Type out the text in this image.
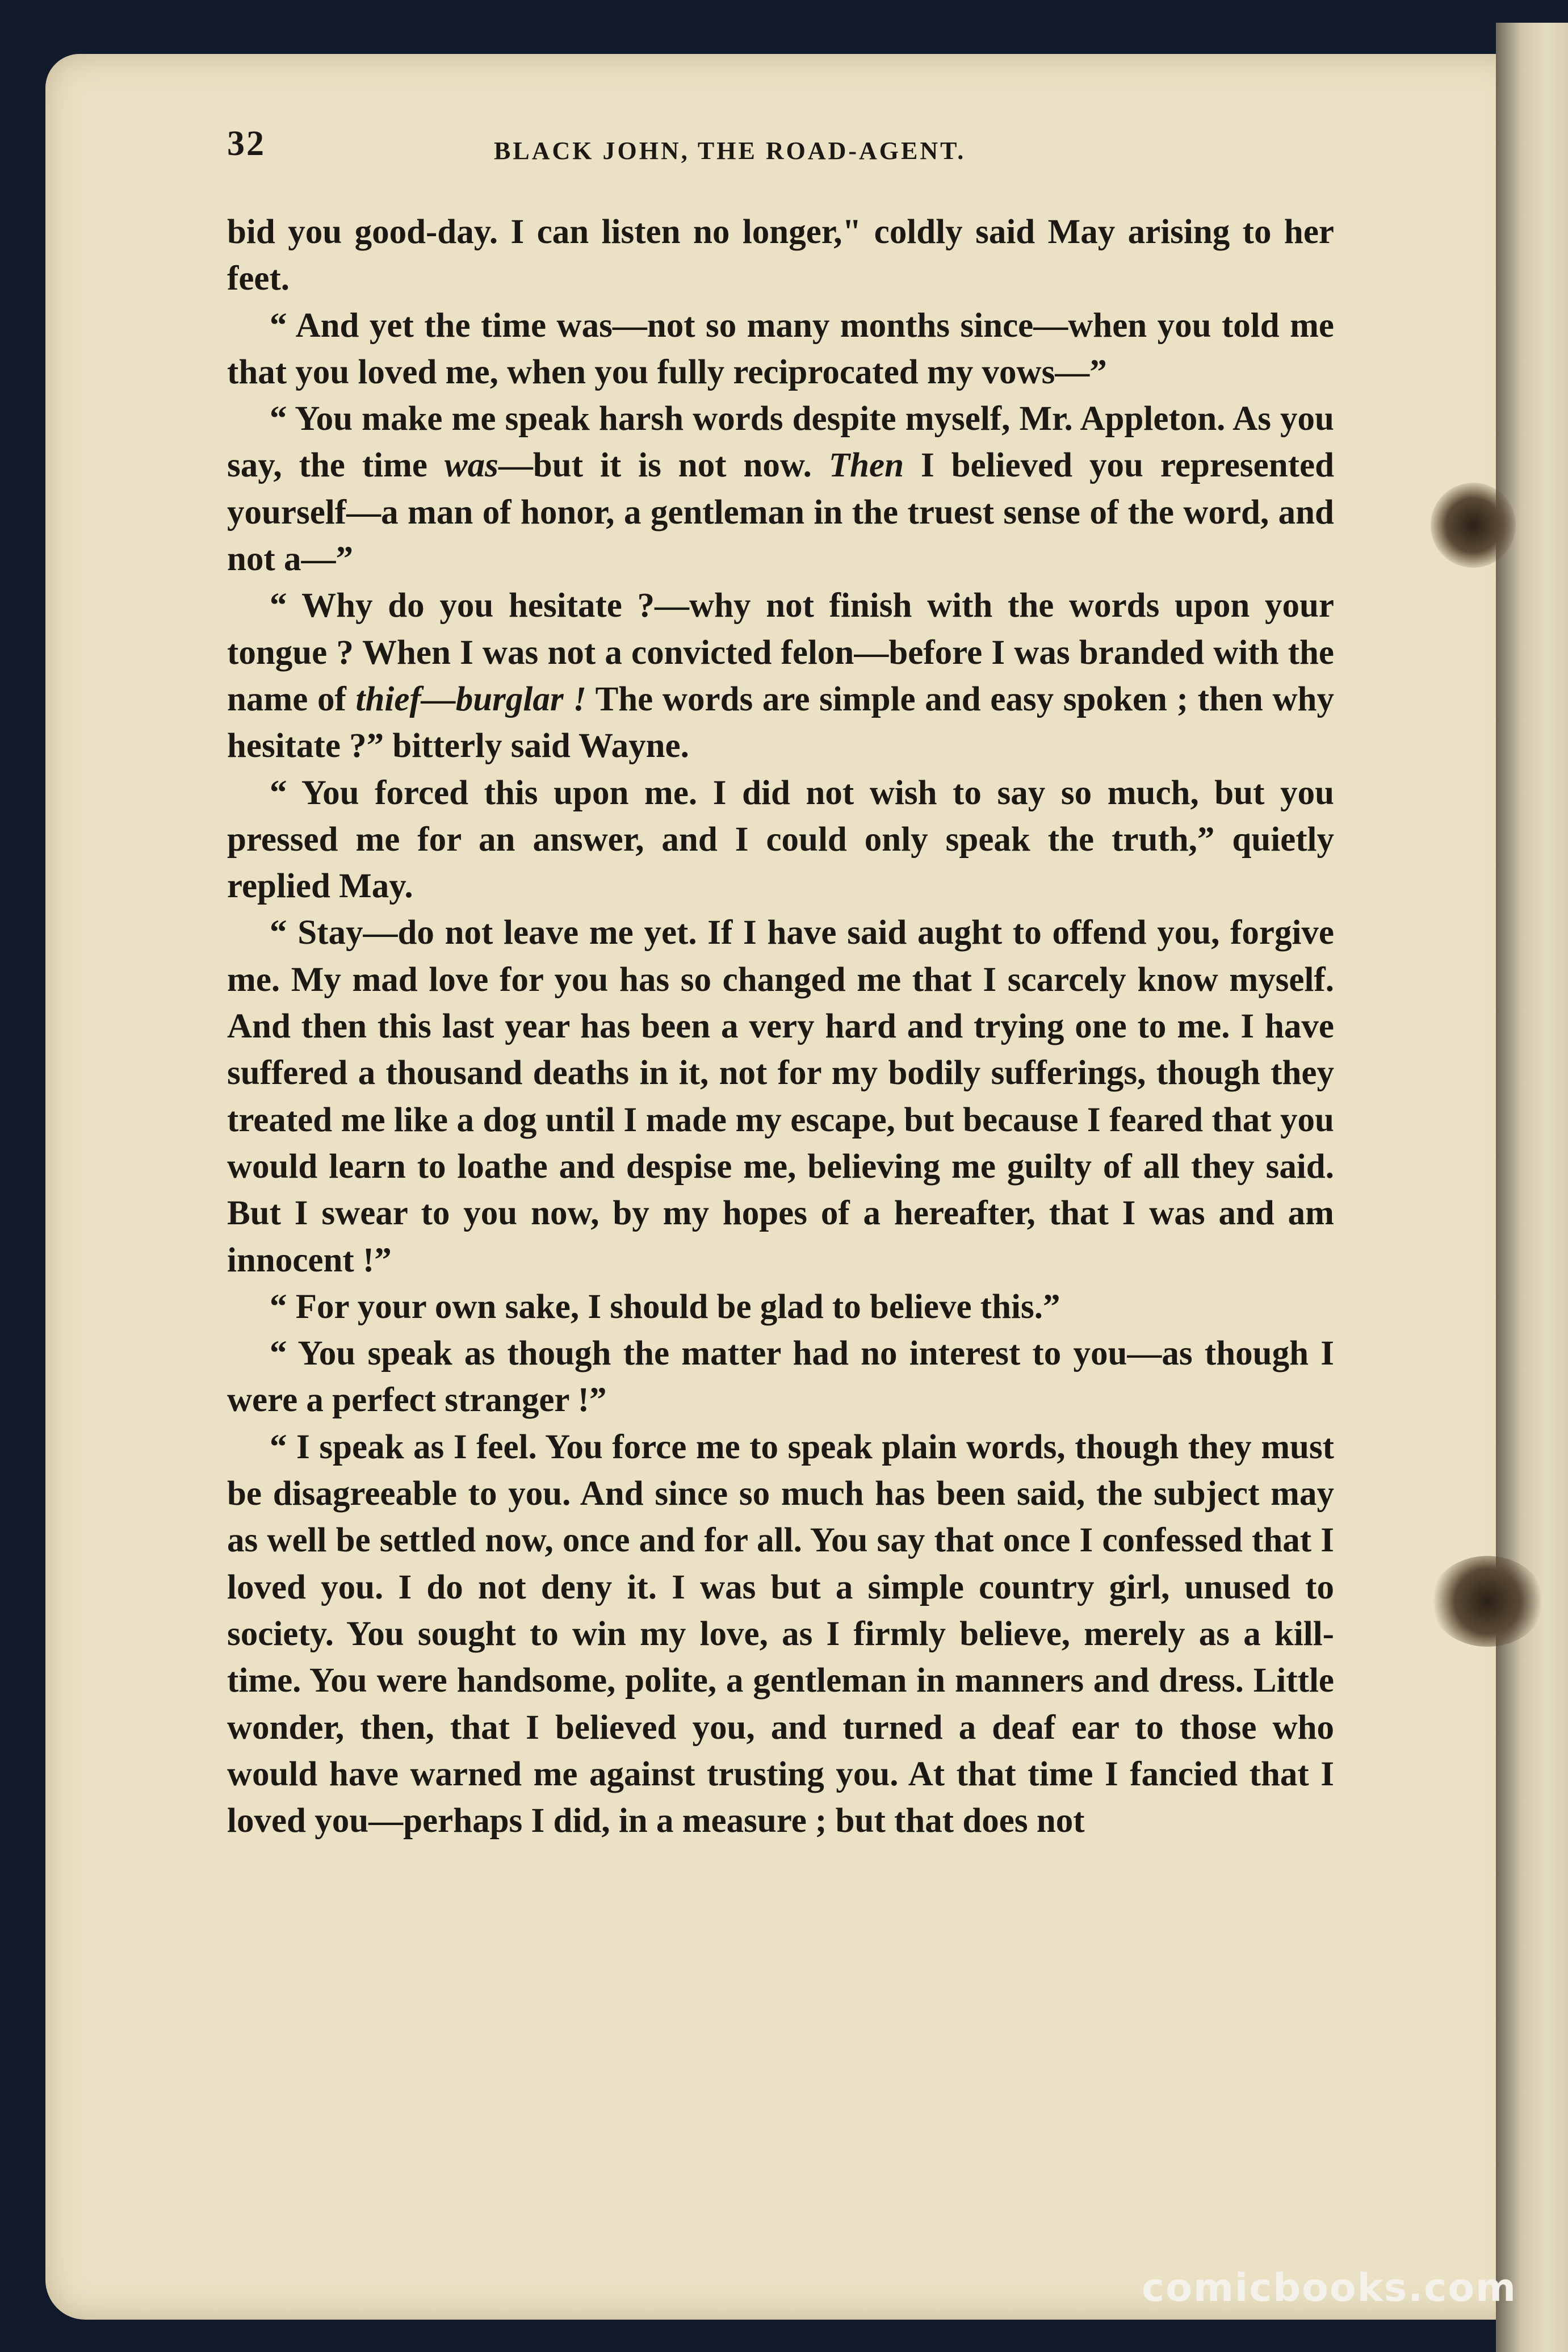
32	BLACK JOHN, THE ROAD-AGENT.

bid you good-day. I can listen no longer," coldly said May arising to her feet.

“ And yet the time was—not so many months since—when you told me that you loved me, when you fully reciprocated my vows—”

“ You make me speak harsh words despite myself, Mr. Appleton. As you say, the time was—but it is not now. Then I believed you represented yourself—a man of honor, a gentleman in the truest sense of the word, and not a—”

“ Why do you hesitate ?—why not finish with the words upon your tongue ? When I was not a convicted felon—before I was branded with the name of thief—burglar ! The words are simple and easy spoken ; then why hesitate ?” bitterly said Wayne.

“ You forced this upon me. I did not wish to say so much, but you pressed me for an answer, and I could only speak the truth,” quietly replied May.

“ Stay—do not leave me yet. If I have said aught to offend you, forgive me. My mad love for you has so changed me that I scarcely know myself. And then this last year has been a very hard and trying one to me. I have suffered a thousand deaths in it, not for my bodily sufferings, though they treated me like a dog until I made my escape, but because I feared that you would learn to loathe and despise me, believing me guilty of all they said. But I swear to you now, by my hopes of a hereafter, that I was and am innocent !”

“ For your own sake, I should be glad to believe this.”

“ You speak as though the matter had no interest to you—as though I were a perfect stranger !”

“ I speak as I feel. You force me to speak plain words, though they must be disagreeable to you. And since so much has been said, the subject may as well be settled now, once and for all. You say that once I confessed that I loved you. I do not deny it. I was but a simple country girl, unused to society. You sought to win my love, as I firmly believe, merely as a kill-time. You were handsome, polite, a gentleman in manners and dress. Little wonder, then, that I believed you, and turned a deaf ear to those who would have warned me against trusting you. At that time I fancied that I loved you—perhaps I did, in a measure ; but that does not

comicbooks.com
